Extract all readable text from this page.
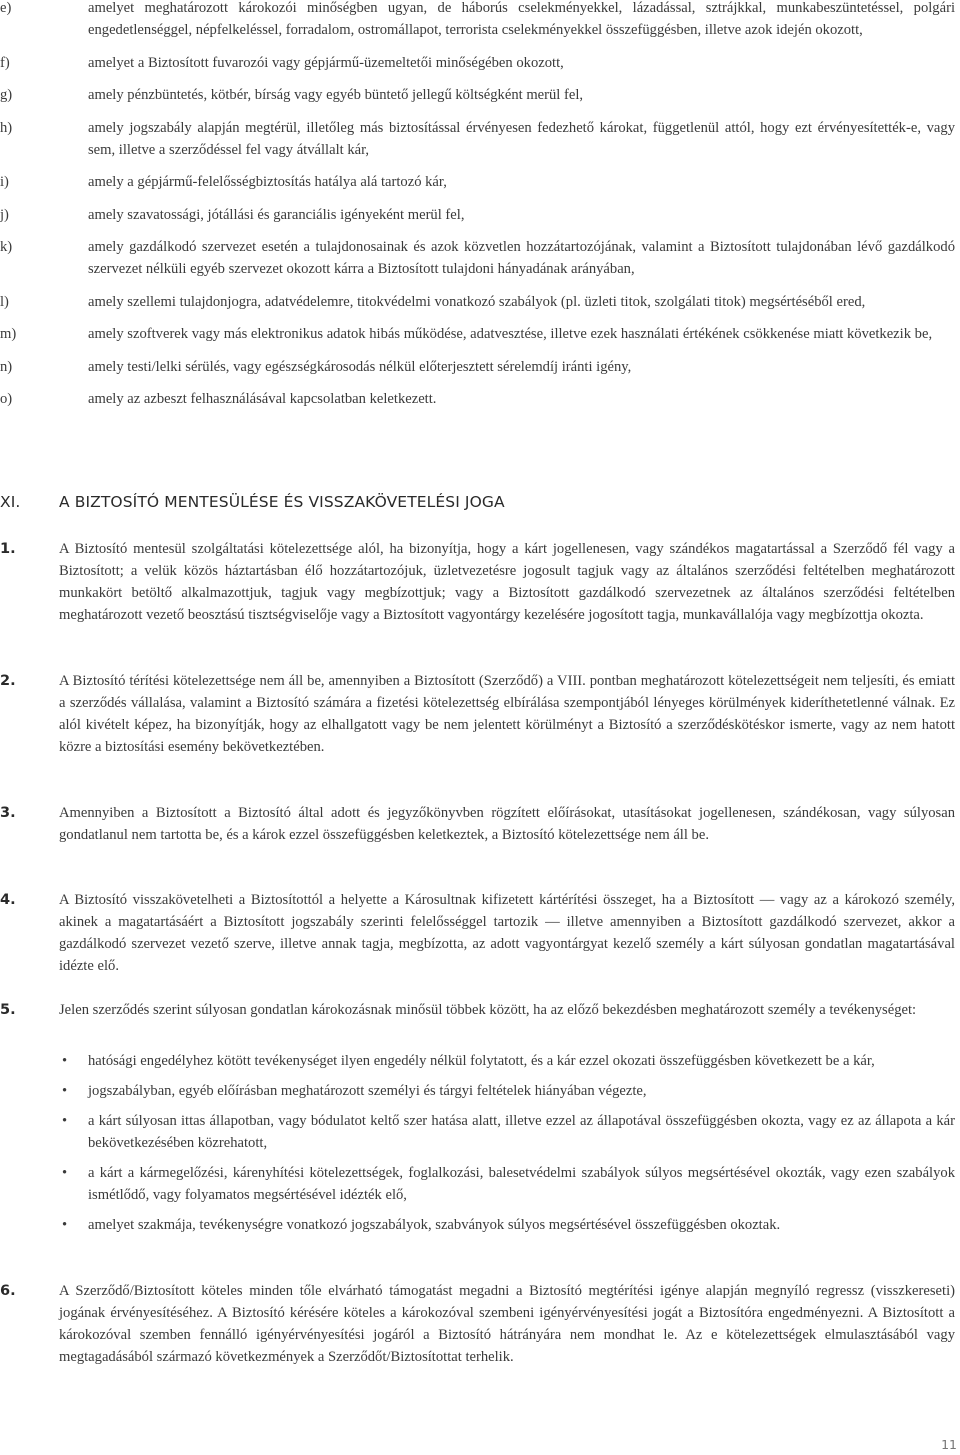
e)	amelyet meghatározott károkozói minőségben ugyan, de háborús cselekményekkel, lázadással, sztrájkkal, munkabeszüntetéssel, polgári engedetlenséggel, népfelkeléssel, forradalom, ostromállapot, terrorista cselekményekkel összefüggésben, illetve azok idején okozott,
f)	amelyet a Biztosított fuvarozói vagy gépjármű-üzemeltetői minőségében okozott,
g)	amely pénzbüntetés, kötbér, bírság vagy egyéb büntető jellegű költségként merül fel,
h)	amely jogszabály alapján megtérül, illetőleg más biztosítással érvényesen fedezhető károkat, függetlenül attól, hogy ezt érvényesítették-e, vagy sem, illetve a szerződéssel fel vagy átvállalt kár,
i)	amely a gépjármű-felelősségbiztosítás hatálya alá tartozó kár,
j)	amely szavatossági, jótállási és garanciális igényeként merül fel,
k)	amely gazdálkodó szervezet esetén a tulajdonosainak és azok közvetlen hozzátartozójának, valamint a Biztosított tulajdonában lévő gazdálkodó szervezet nélküli egyéb szervezet okozott kárra a Biztosított tulajdoni hányadának arányában,
l)	amely szellemi tulajdonjogra, adatvédelemre, titokvédelmi vonatkozó szabályok (pl. üzleti titok, szolgálati titok) megsértéséből ered,
m)	amely szoftverek vagy más elektronikus adatok hibás működése, adatvesztése, illetve ezek használati értékének csökkenése miatt következik be,
n)	amely testi/lelki sérülés, vagy egészségkárosodás nélkül előterjesztett sérelemdíj iránti igény,
o)	amely az azbeszt felhasználásával kapcsolatban keletkezett.
XI. A BIZTOSÍTÓ MENTESÜLÉSE ÉS VISSZAKÖVETELÉSI JOGA
1.	A Biztosító mentesül szolgáltatási kötelezettsége alól, ha bizonyítja, hogy a kárt jogellenesen, vagy szándékos magatartással a Szerződő fél vagy a Biztosított; a velük közös háztartásban élő hozzátartozójuk, üzletvezetésre jogosult tagjuk vagy az általános szerződési feltételben meghatározott munkakört betöltő alkalmazottjuk, tagjuk vagy megbízottjuk; vagy a Biztosított gazdálkodó szervezetnek az általános szerződési feltételben meghatározott vezető beosztású tisztségviselője vagy a Biztosított vagyontárgy kezelésére jogosított tagja, munkavállalója vagy megbízottja okozta.
2.	A Biztosító térítési kötelezettsége nem áll be, amennyiben a Biztosított (Szerződő) a VIII. pontban meghatározott kötelezettségeit nem teljesíti, és emiatt a szerződés vállalása, valamint a Biztosító számára a fizetési kötelezettség elbírálása szempontjából lényeges körülmények kideríthetetlenné válnak. Ez alól kivételt képez, ha bizonyítják, hogy az elhallgatott vagy be nem jelentett körülményt a Biztosító a szerződéskötéskor ismerte, vagy az nem hatott közre a biztosítási esemény bekövetkeztében.
3.	Amennyiben a Biztosított a Biztosító által adott és jegyzőkönyvben rögzített előírásokat, utasításokat jogellenesen, szándékosan, vagy súlyosan gondatlanul nem tartotta be, és a károk ezzel összefüggésben keletkeztek, a Biztosító kötelezettsége nem áll be.
4.	A Biztosító visszakövetelheti a Biztosítottól a helyette a Károsultnak kifizetett kártérítési összeget, ha a Biztosított — vagy az a károkozó személy, akinek a magatartásáért a Biztosított jogszabály szerinti felelősséggel tartozik — illetve amennyiben a Biztosított gazdálkodó szervezet, akkor a gazdálkodó szervezet vezető szerve, illetve annak tagja, megbízotta, az adott vagyontárgyat kezelő személy a kárt súlyosan gondatlan magatartásával idézte elő.
5.	Jelen szerződés szerint súlyosan gondatlan károkozásnak minősül többek között, ha az előző bekezdésben meghatározott személy a tevékenységet:
• hatósági engedélyhez kötött tevékenységet ilyen engedély nélkül folytatott, és a kár ezzel okozati összefüggésben következett be a kár,
• jogszabályban, egyéb előírásban meghatározott személyi és tárgyi feltételek hiányában végezte,
• a kárt súlyosan ittas állapotban, vagy bódulatot keltő szer hatása alatt, illetve ezzel az állapotával összefüggésben okozta, vagy ez az állapota a kár bekövetkezésében közrehatott,
• a kárt a kármegelőzési, kárenyhítési kötelezettségek, foglalkozási, balesetvédelmi szabályok súlyos megsértésével okozták, vagy ezen szabályok ismétlődő, vagy folyamatos megsértésével idézték elő,
• amelyet szakmája, tevékenységre vonatkozó jogszabályok, szabványok súlyos megsértésével összefüggésben okoztak.
6.	A Szerződő/Biztosított köteles minden tőle elvárható támogatást megadni a Biztosító megtérítési igénye alapján megnyíló regressz (visszkereseti) jogának érvényesítéséhez. A Biztosító kérésére köteles a károkozóval szembeni igényérvényesítési jogát a Biztosítóra engedményezni. A Biztosított a károkozóval szemben fennálló igényérvényesítési jogáról a Biztosító hátrányára nem mondhat le. Az e kötelezettségek elmulasztásából vagy megtagadásából származó következmények a Szerződőt/Biztosítottat terhelik.
11
